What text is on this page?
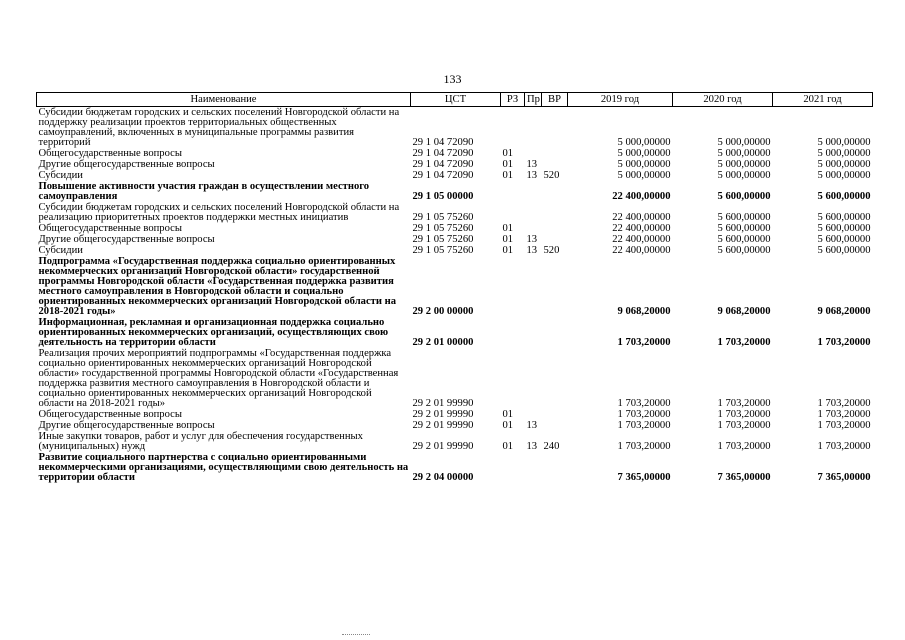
133
Наименование	ЦСТ	РЗ	Пр	ВР	2019 год	2020 год	2021 год
Субсидии бюджетам городских и сельских поселений Новгородской области на поддержку реализации проектов территориальных общественных самоуправлений, включенных в муниципальные программы развития территорий	29 1 04 72090				5 000,00000	5 000,00000	5 000,00000
Общегосударственные вопросы	29 1 04 72090	01			5 000,00000	5 000,00000	5 000,00000
Другие общегосударственные вопросы	29 1 04 72090	01	13		5 000,00000	5 000,00000	5 000,00000
Субсидии	29 1 04 72090	01	13	520	5 000,00000	5 000,00000	5 000,00000
Повышение активности участия граждан в осуществлении местного самоуправления	29 1 05 00000				22 400,00000	5 600,00000	5 600,00000
Субсидии бюджетам городских и сельских поселений Новгородской области на реализацию приоритетных проектов поддержки местных инициатив	29 1 05 75260				22 400,00000	5 600,00000	5 600,00000
Общегосударственные вопросы	29 1 05 75260	01			22 400,00000	5 600,00000	5 600,00000
Другие общегосударственные вопросы	29 1 05 75260	01	13		22 400,00000	5 600,00000	5 600,00000
Субсидии	29 1 05 75260	01	13	520	22 400,00000	5 600,00000	5 600,00000
Подпрограмма «Государственная поддержка социально ориентированных некоммерческих организаций Новгородской области» государственной программы Новгородской области «Государственная поддержка развития местного самоуправления в Новгородской области и социально ориентированных некоммерческих организаций Новгородской области на 2018-2021 годы»	29 2 00 00000				9 068,20000	9 068,20000	9 068,20000
Информационная, рекламная и организационная поддержка социально ориентированных некоммерческих организаций, осуществляющих свою деятельность на территории области	29 2 01 00000				1 703,20000	1 703,20000	1 703,20000
Реализация прочих мероприятий подпрограммы «Государственная поддержка социально ориентированных некоммерческих организаций Новгородской области» государственной программы Новгородской области «Государственная поддержка развития местного самоуправления в Новгородской области и социально ориентированных некоммерческих организаций Новгородской области на 2018-2021 годы»	29 2 01 99990				1 703,20000	1 703,20000	1 703,20000
Общегосударственные вопросы	29 2 01 99990	01			1 703,20000	1 703,20000	1 703,20000
Другие общегосударственные вопросы	29 2 01 99990	01	13		1 703,20000	1 703,20000	1 703,20000
Иные закупки товаров, работ и услуг для обеспечения государственных (муниципальных) нужд	29 2 01 99990	01	13	240	1 703,20000	1 703,20000	1 703,20000
Развитие социального партнерства с социально ориентированными некоммерческими организациями, осуществляющими свою деятельность на территории области	29 2 04 00000				7 365,00000	7 365,00000	7 365,00000
